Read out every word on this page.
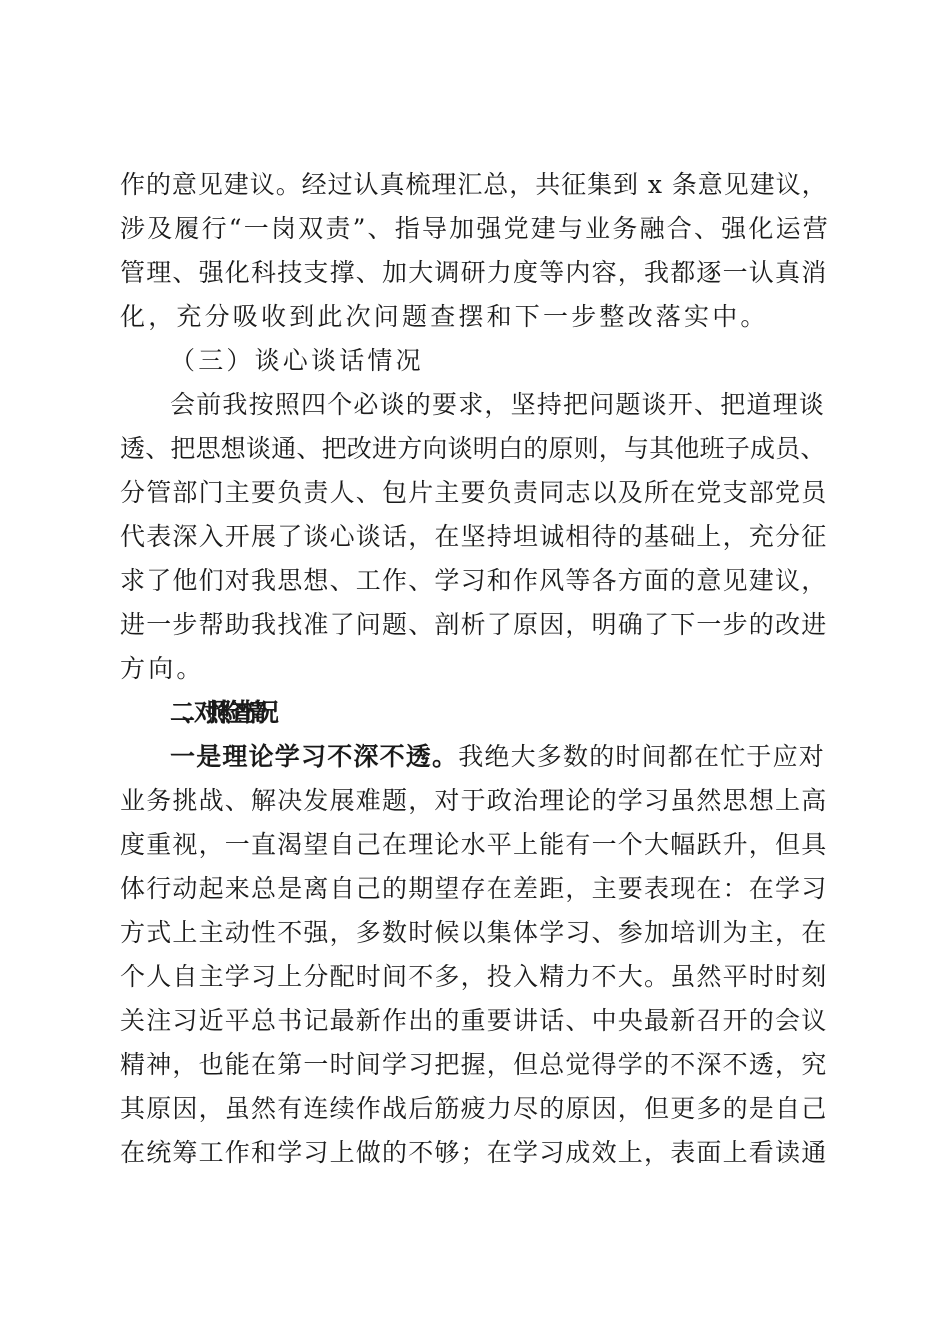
作的意见建议。经过认真梳理汇总，共征集到 x 条意见建议，
涉及履行“一岗双责”、指导加强党建与业务融合、强化运营
管理、强化科技支撑、加大调研力度等内容，我都逐一认真消
化，充分吸收到此次问题查摆和下一步整改落实中。
（三）谈心谈话情况
会前我按照四个必谈的要求，坚持把问题谈开、把道理谈
透、把思想谈通、把改进方向谈明白的原则，与其他班子成员、
分管部门主要负责人、包片主要负责同志以及所在党支部党员
代表深入开展了谈心谈话，在坚持坦诚相待的基础上，充分征
求了他们对我思想、工作、学习和作风等各方面的意见建议，
进一步帮助我找准了问题、剖析了原因，明确了下一步的改进
方向。
二、对照检查情况
一是理论学习不深不透。我绝大多数的时间都在忙于应对
业务挑战、解决发展难题，对于政治理论的学习虽然思想上高
度重视，一直渴望自己在理论水平上能有一个大幅跃升，但具
体行动起来总是离自己的期望存在差距，主要表现在：在学习
方式上主动性不强，多数时候以集体学习、参加培训为主，在
个人自主学习上分配时间不多，投入精力不大。虽然平时时刻
关注习近平总书记最新作出的重要讲话、中央最新召开的会议
精神，也能在第一时间学习把握，但总觉得学的不深不透，究
其原因，虽然有连续作战后筋疲力尽的原因，但更多的是自己
在统筹工作和学习上做的不够；在学习成效上，表面上看读通
